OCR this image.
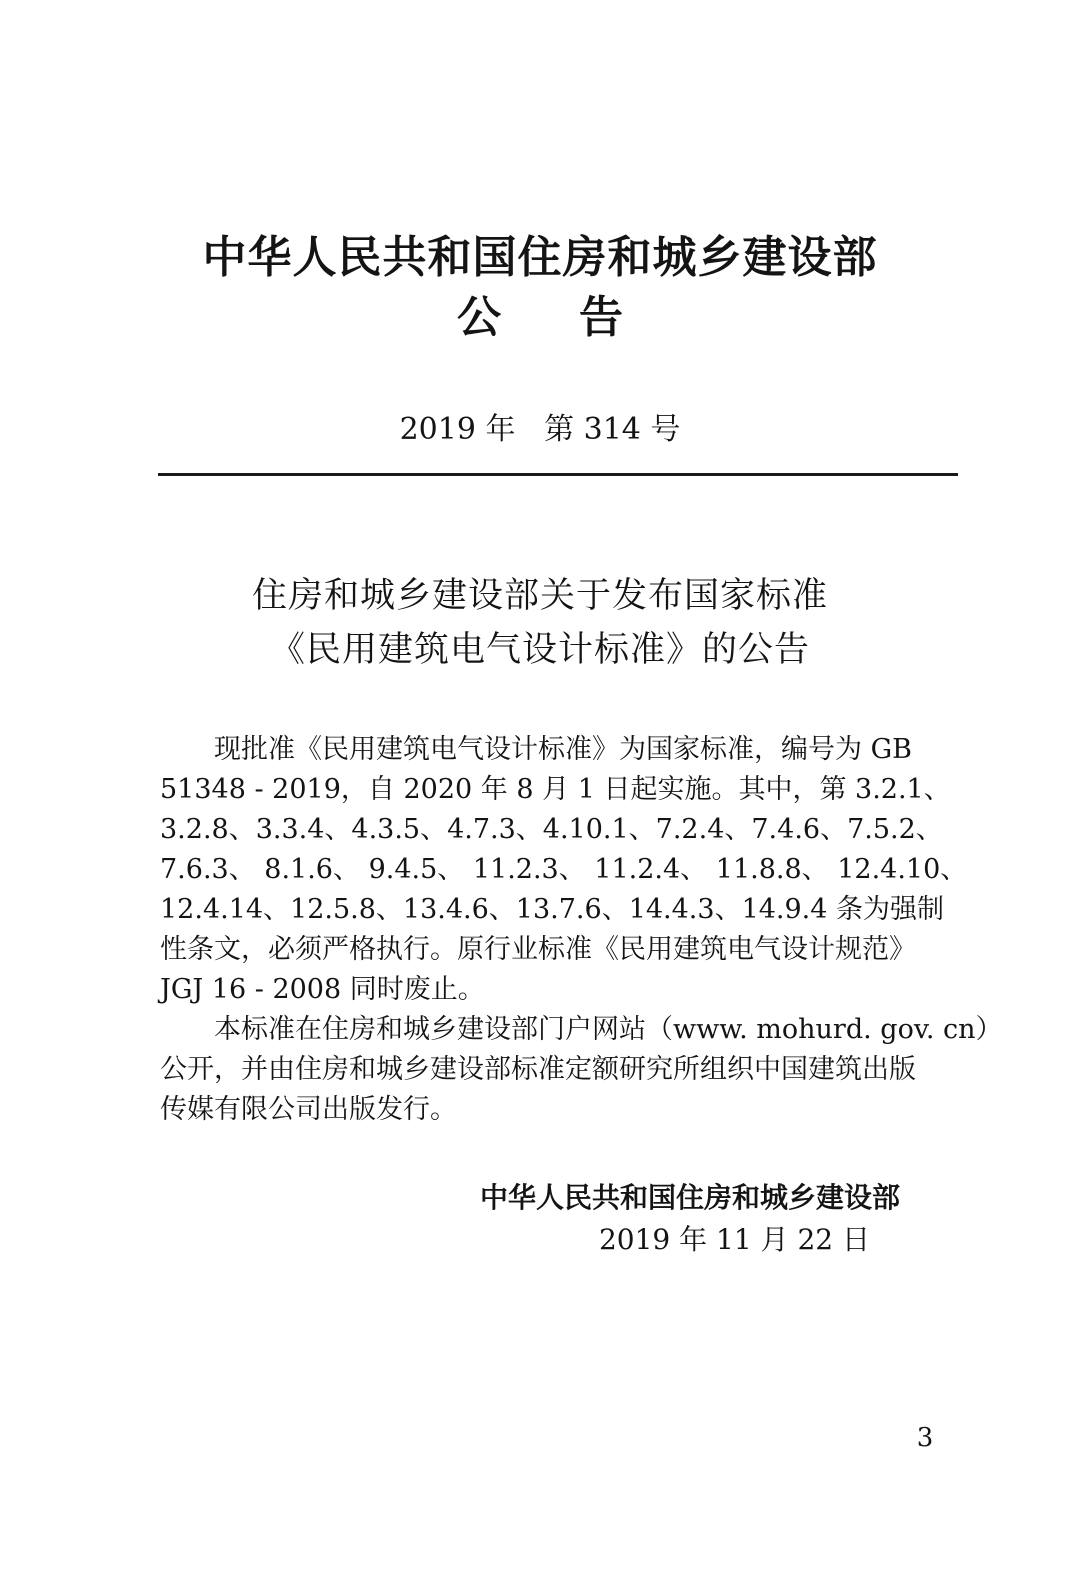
中华人民共和国住房和城乡建设部
公告
2019 年   第 314 号
住房和城乡建设部关于发布国家标准
《民用建筑电气设计标准》的公告
　　现批准《民用建筑电气设计标准》为国家标准，编号为 GB
51348 - 2019，自 2020 年 8 月 1 日起实施。其中，第 3.2.1、
3.2.8、3.3.4、4.3.5、4.7.3、4.10.1、7.2.4、7.4.6、7.5.2、
7.6.3、 8.1.6、 9.4.5、 11.2.3、 11.2.4、 11.8.8、 12.4.10、
12.4.14、12.5.8、13.4.6、13.7.6、14.4.3、14.9.4 条为强制
性条文，必须严格执行。原行业标准《民用建筑电气设计规范》
JGJ 16 - 2008 同时废止。
　　本标准在住房和城乡建设部门户网站（www. mohurd. gov. cn）
公开，并由住房和城乡建设部标准定额研究所组织中国建筑出版
传媒有限公司出版发行。
中华人民共和国住房和城乡建设部
2019 年 11 月 22 日
3
